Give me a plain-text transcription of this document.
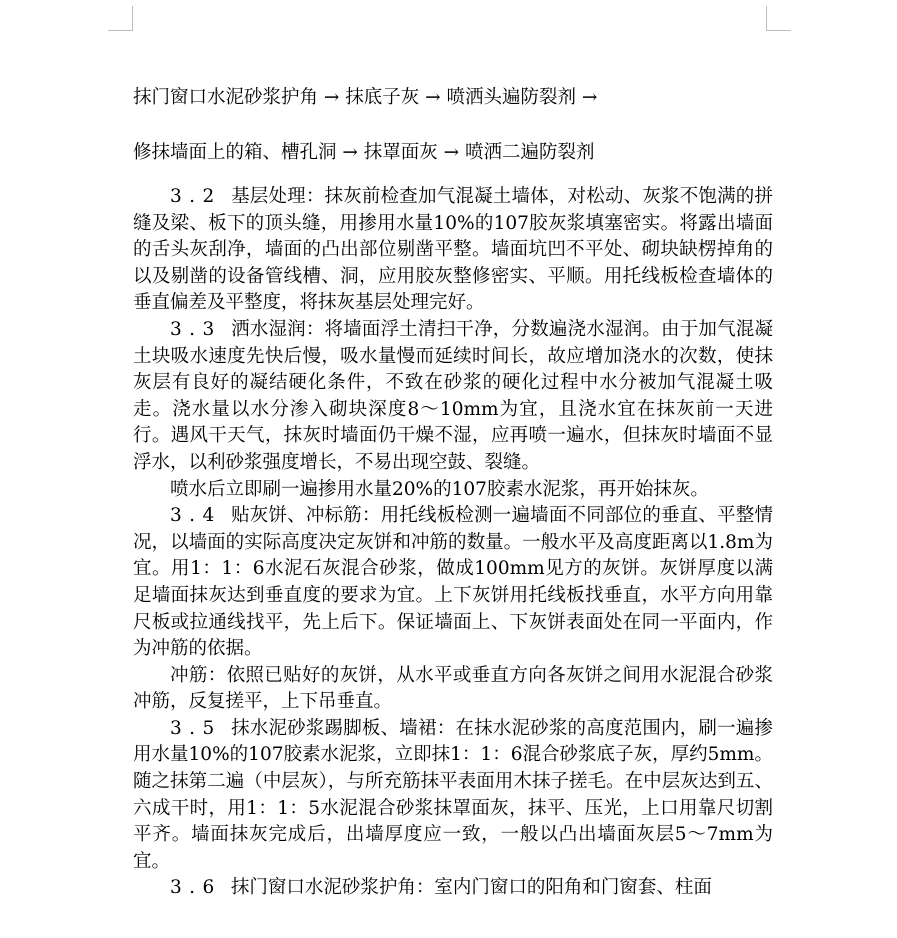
抹门窗口水泥砂浆护角 → 抹底子灰 → 喷洒头遍防裂剂 →

修抹墙面上的箱、槽孔洞 → 抹罩面灰 → 喷洒二遍防裂剂

3.2 基层处理：抹灰前检查加气混凝土墙体，对松动、灰浆不饱满的拼缝及梁、板下的顶头缝，用掺用水量10%的107胶灰浆填塞密实。将露出墙面的舌头灰刮净，墙面的凸出部位剔凿平整。墙面坑凹不平处、砌块缺楞掉角的以及剔凿的设备管线槽、洞，应用胶灰整修密实、平顺。用托线板检查墙体的垂直偏差及平整度，将抹灰基层处理完好。

3.3 洒水湿润：将墙面浮土清扫干净，分数遍浇水湿润。由于加气混凝土块吸水速度先快后慢，吸水量慢而延续时间长，故应增加浇水的次数，使抹灰层有良好的凝结硬化条件，不致在砂浆的硬化过程中水分被加气混凝土吸走。浇水量以水分渗入砌块深度8～10mm为宜，且浇水宜在抹灰前一天进行。遇风干天气，抹灰时墙面仍干燥不湿，应再喷一遍水，但抹灰时墙面不显浮水，以利砂浆强度增长，不易出现空鼓、裂缝。

喷水后立即刷一遍掺用水量20%的107胶素水泥浆，再开始抹灰。

3.4 贴灰饼、冲标筋：用托线板检测一遍墙面不同部位的垂直、平整情况，以墙面的实际高度决定灰饼和冲筋的数量。一般水平及高度距离以1.8m为宜。用1：1：6水泥石灰混合砂浆，做成100mm见方的灰饼。灰饼厚度以满足墙面抹灰达到垂直度的要求为宜。上下灰饼用托线板找垂直，水平方向用靠尺板或拉通线找平，先上后下。保证墙面上、下灰饼表面处在同一平面内，作为冲筋的依据。

冲筋：依照已贴好的灰饼，从水平或垂直方向各灰饼之间用水泥混合砂浆冲筋，反复搓平，上下吊垂直。

3.5 抹水泥砂浆踢脚板、墙裙：在抹水泥砂浆的高度范围内，刷一遍掺用水量10%的107胶素水泥浆，立即抹1：1：6混合砂浆底子灰，厚约5mm。随之抹第二遍（中层灰），与所充筋抹平表面用木抹子搓毛。在中层灰达到五、六成干时，用1：1：5水泥混合砂浆抹罩面灰，抹平、压光，上口用靠尺切割平齐。墙面抹灰完成后，出墙厚度应一致，一般以凸出墙面灰层5～7mm为宜。

3.6 抹门窗口水泥砂浆护角：室内门窗口的阳角和门窗套、柱面
